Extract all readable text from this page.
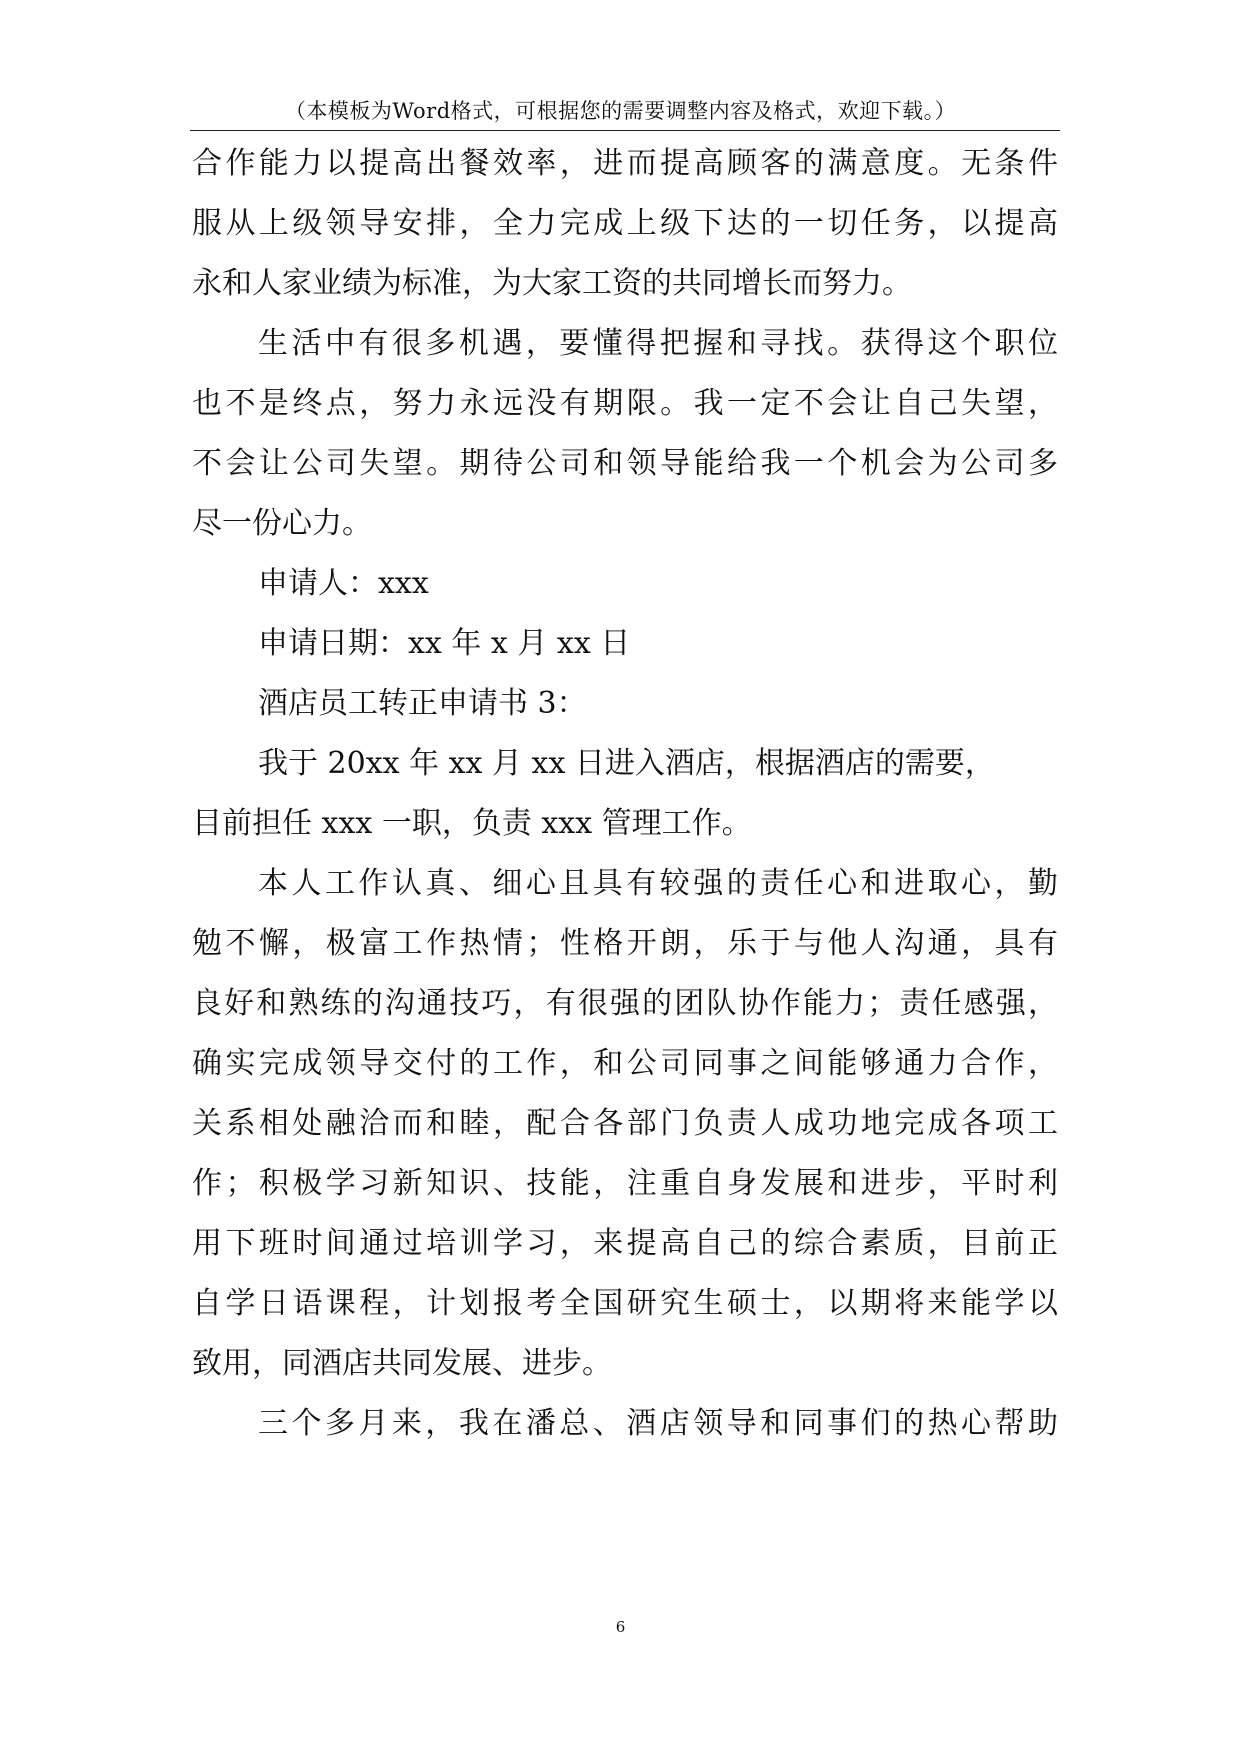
（本模板为Word格式，可根据您的需要调整内容及格式，欢迎下载。）
合作能力以提高出餐效率，进而提高顾客的满意度。无条件
服从上级领导安排，全力完成上级下达的一切任务，以提高
永和人家业绩为标准，为大家工资的共同增长而努力。
生活中有很多机遇，要懂得把握和寻找。获得这个职位
也不是终点，努力永远没有期限。我一定不会让自己失望，
不会让公司失望。期待公司和领导能给我一个机会为公司多
尽一份心力。
申请人：xxx
申请日期：xx 年 x 月 xx 日
酒店员工转正申请书 3：
我于 20xx 年 xx 月 xx 日进入酒店，根据酒店的需要，
目前担任 xxx 一职，负责 xxx 管理工作。
本人工作认真、细心且具有较强的责任心和进取心，勤
勉不懈，极富工作热情；性格开朗，乐于与他人沟通，具有
良好和熟练的沟通技巧，有很强的团队协作能力；责任感强，
确实完成领导交付的工作，和公司同事之间能够通力合作，
关系相处融洽而和睦，配合各部门负责人成功地完成各项工
作；积极学习新知识、技能，注重自身发展和进步，平时利
用下班时间通过培训学习，来提高自己的综合素质，目前正
自学日语课程，计划报考全国研究生硕士，以期将来能学以
致用，同酒店共同发展、进步。
三个多月来，我在潘总、酒店领导和同事们的热心帮助
6
